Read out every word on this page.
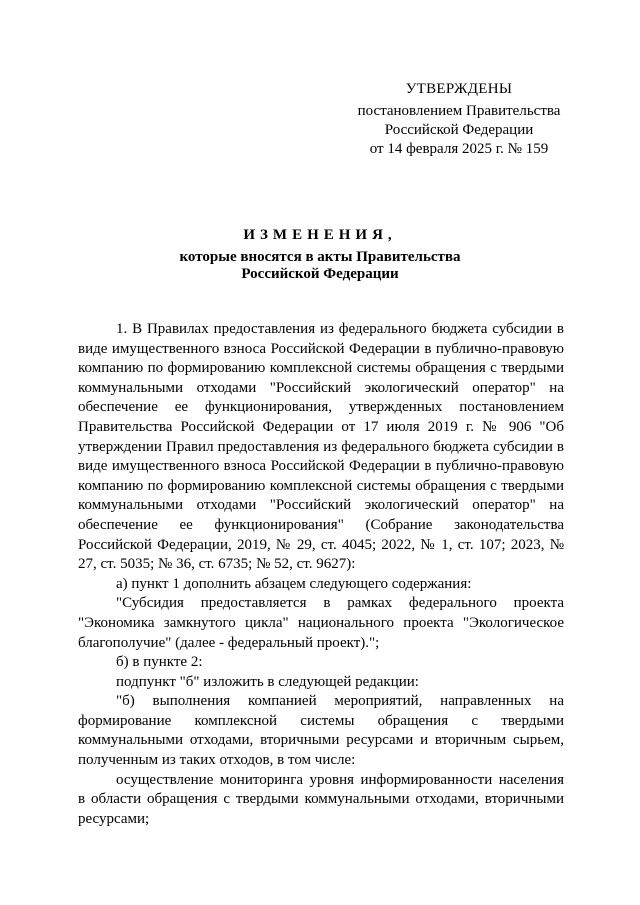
УТВЕРЖДЕНЫ
постановлением Правительства
Российской Федерации
от 14 февраля 2025 г. № 159
ИЗМЕНЕНИЯ,
которые вносятся в акты Правительства
Российской Федерации

1. В Правилах предоставления из федерального бюджета субсидии в виде имущественного взноса Российской Федерации в публично-правовую компанию по формированию комплексной системы обращения с твердыми коммунальными отходами "Российский экологический оператор" на обеспечение ее функционирования, утвержденных постановлением Правительства Российской Федерации от 17 июля 2019 г. № 906 "Об утверждении Правил предоставления из федерального бюджета субсидии в виде имущественного взноса Российской Федерации в публично-правовую компанию по формированию комплексной системы обращения с твердыми коммунальными отходами "Российский экологический оператор" на обеспечение ее функционирования" (Собрание законодательства Российской Федерации, 2019, № 29, ст. 4045; 2022, № 1, ст. 107; 2023, № 27, ст. 5035; № 36, ст. 6735; № 52, ст. 9627):

а) пункт 1 дополнить абзацем следующего содержания:

"Субсидия предоставляется в рамках федерального проекта "Экономика замкнутого цикла" национального проекта "Экологическое благополучие" (далее - федеральный проект).";

б) в пункте 2:

подпункт "б" изложить в следующей редакции:

"б) выполнения компанией мероприятий, направленных на формирование комплексной системы обращения с твердыми коммунальными отходами, вторичными ресурсами и вторичным сырьем, полученным из таких отходов, в том числе:

осуществление мониторинга уровня информированности населения в области обращения с твердыми коммунальными отходами, вторичными ресурсами;
